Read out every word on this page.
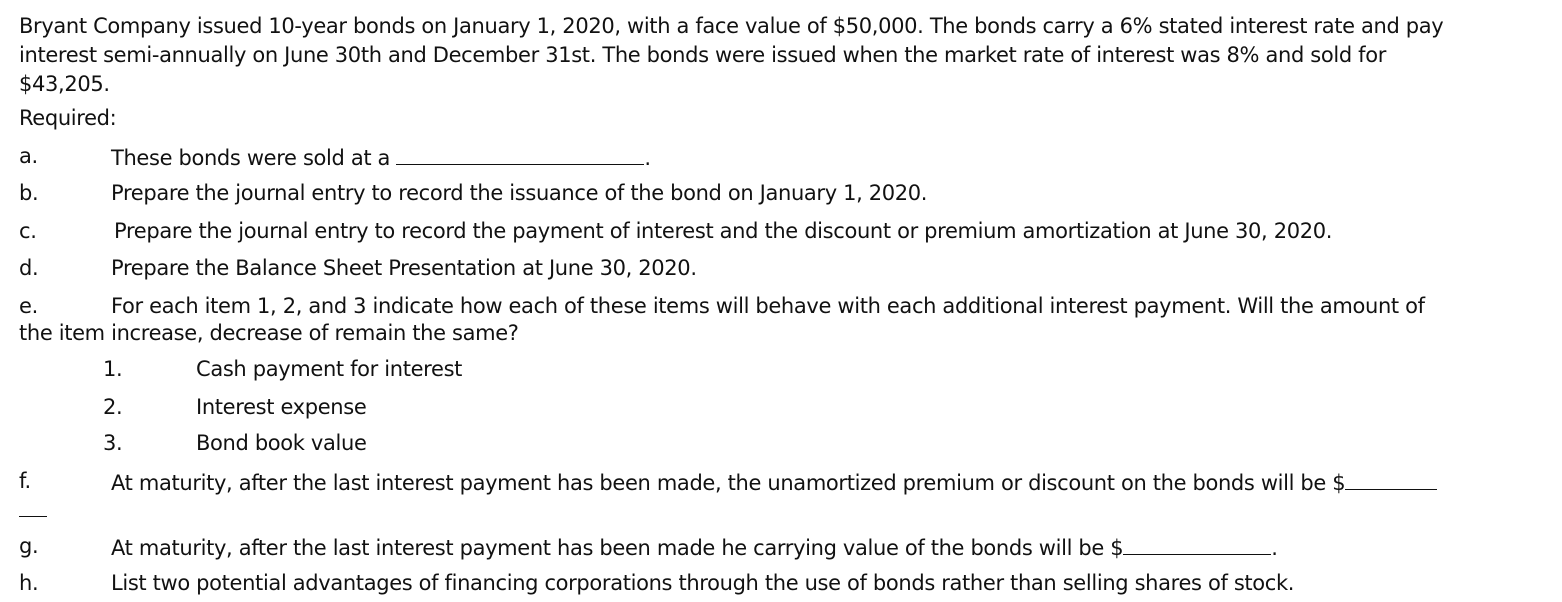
Bryant Company issued 10-year bonds on January 1, 2020, with a face value of $50,000. The bonds carry a 6% stated interest rate and pay
interest semi-annually on June 30th and December 31st. The bonds were issued when the market rate of interest was 8% and sold for
$43,205.
Required:
a.	These bonds were sold at a	.
b.	Prepare the journal entry to record the issuance of the bond on January 1, 2020.
c.	Prepare the journal entry to record the payment of interest and the discount or premium amortization at June 30, 2020.
d.	Prepare the Balance Sheet Presentation at June 30, 2020.
e.	For each item 1, 2, and 3 indicate how each of these items will behave with each additional interest payment. Will the amount of
the item increase, decrease of remain the same?
1.	Cash payment for interest
2.	Interest expense
3.	Bond book value
f.	At maturity, after the last interest payment has been made, the unamortized premium or discount on the bonds will be $
g.	At maturity, after the last interest payment has been made he carrying value of the bonds will be $	.
h.	List two potential advantages of financing corporations through the use of bonds rather than selling shares of stock.
